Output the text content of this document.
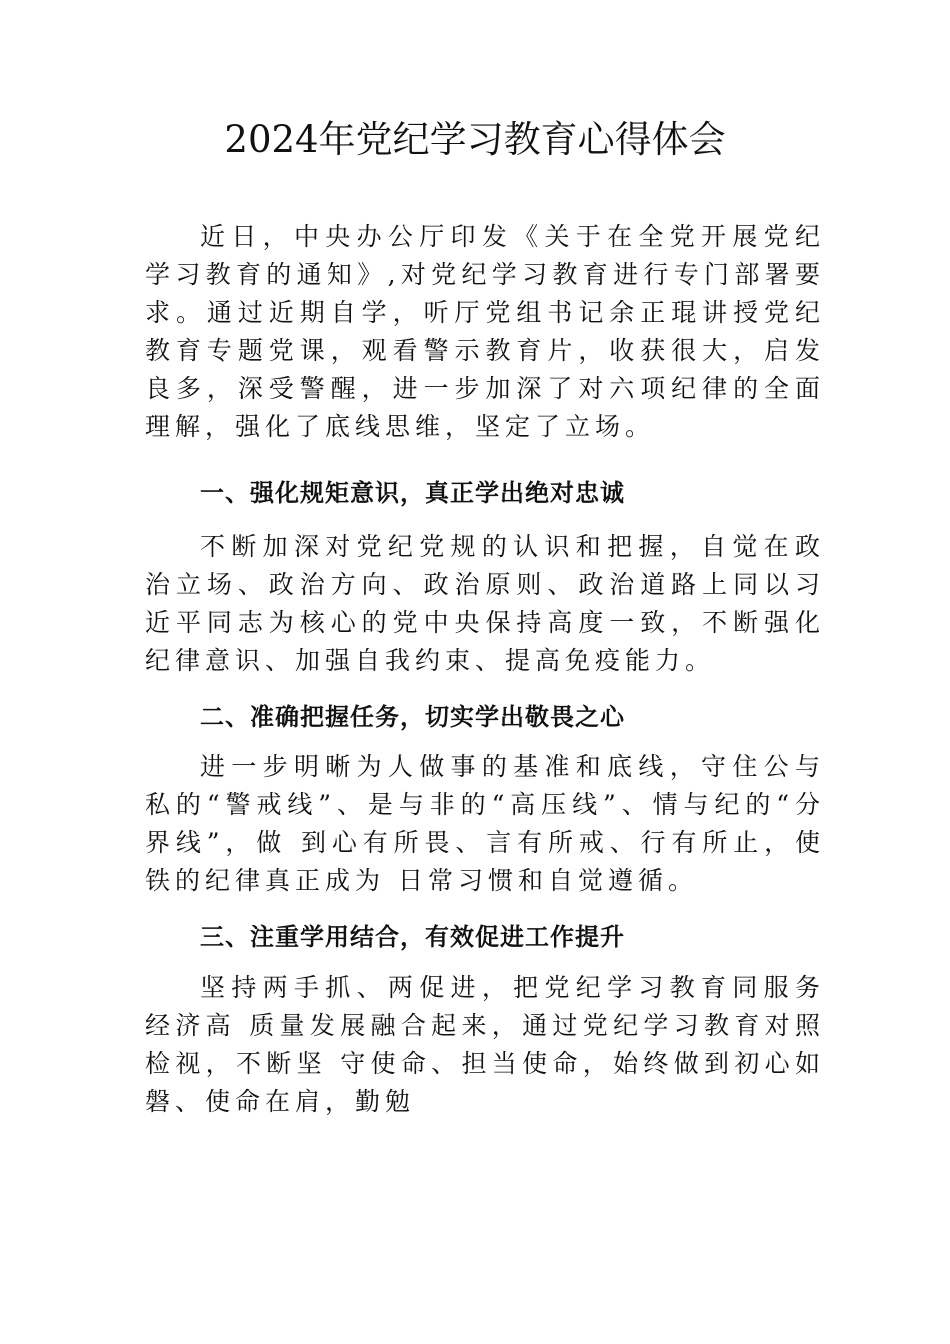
2024年党纪学习教育心得体会

近日，中央办公厅印发《关于在全党开展党纪学习教育的通知》,对党纪学习教育进行专门部署要求。通过近期自学，听厅党组书记余正琨讲授党纪教育专题党课，观看警示教育片，收获很大，启发良多，深受警醒，进一步加深了对六项纪律的全面理解，强化了底线思维，坚定了立场。

一、强化规矩意识，真正学出绝对忠诚

不断加深对党纪党规的认识和把握，自觉在政治立场、政治方向、政治原则、政治道路上同以习近平同志为核心的党中央保持高度一致，不断强化纪律意识、加强自我约束、提高免疫能力。

二、准确把握任务，切实学出敬畏之心

进一步明晰为人做事的基准和底线，守住公与私的“警戒线”、是与非的“高压线”、情与纪的“分界线”，做 到心有所畏、言有所戒、行有所止，使铁的纪律真正成为 日常习惯和自觉遵循。

三、注重学用结合，有效促进工作提升

坚持两手抓、两促进，把党纪学习教育同服务经济高 质量发展融合起来，通过党纪学习教育对照检视，不断坚 守使命、担当使命，始终做到初心如磐、使命在肩，勤勉
